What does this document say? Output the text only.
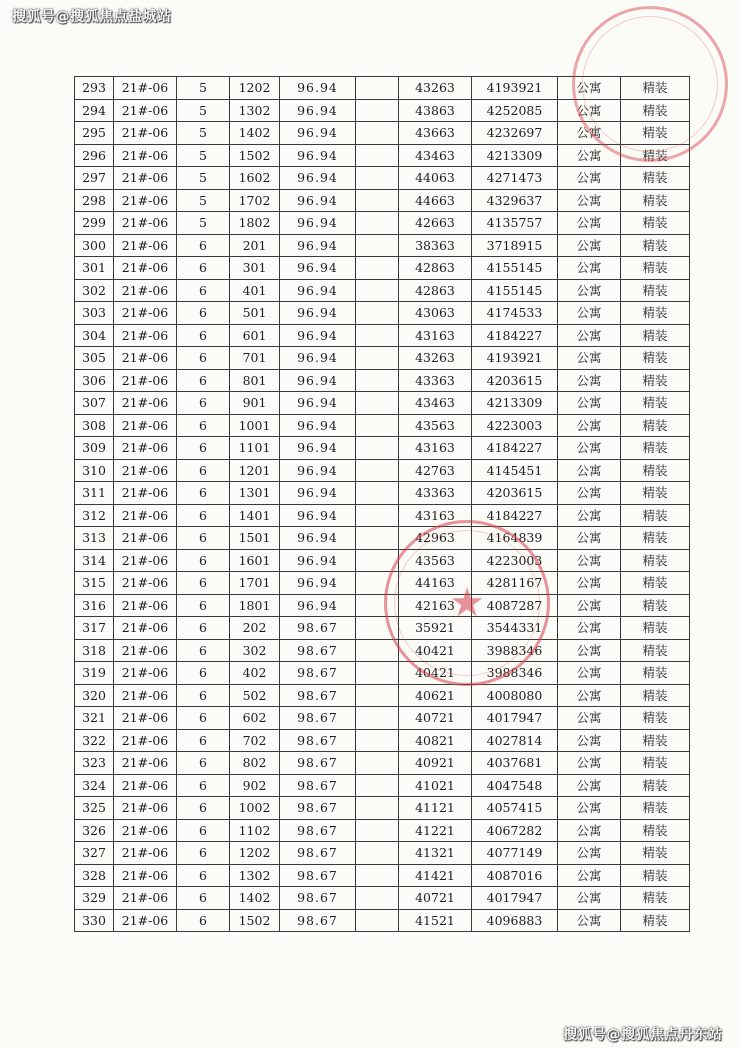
搜狐号@搜狐焦点盐城站
293	21#-06	5	1202	96.94		43263	4193921	公寓	精装
294	21#-06	5	1302	96.94		43863	4252085	公寓	精装
295	21#-06	5	1402	96.94		43663	4232697	公寓	精装
296	21#-06	5	1502	96.94		43463	4213309	公寓	精装
297	21#-06	5	1602	96.94		44063	4271473	公寓	精装
298	21#-06	5	1702	96.94		44663	4329637	公寓	精装
299	21#-06	5	1802	96.94		42663	4135757	公寓	精装
300	21#-06	6	201	96.94		38363	3718915	公寓	精装
301	21#-06	6	301	96.94		42863	4155145	公寓	精装
302	21#-06	6	401	96.94		42863	4155145	公寓	精装
303	21#-06	6	501	96.94		43063	4174533	公寓	精装
304	21#-06	6	601	96.94		43163	4184227	公寓	精装
305	21#-06	6	701	96.94		43263	4193921	公寓	精装
306	21#-06	6	801	96.94		43363	4203615	公寓	精装
307	21#-06	6	901	96.94		43463	4213309	公寓	精装
308	21#-06	6	1001	96.94		43563	4223003	公寓	精装
309	21#-06	6	1101	96.94		43163	4184227	公寓	精装
310	21#-06	6	1201	96.94		42763	4145451	公寓	精装
311	21#-06	6	1301	96.94		43363	4203615	公寓	精装
312	21#-06	6	1401	96.94		43163	4184227	公寓	精装
313	21#-06	6	1501	96.94		42963	4164839	公寓	精装
314	21#-06	6	1601	96.94		43563	4223003	公寓	精装
315	21#-06	6	1701	96.94		44163	4281167	公寓	精装
316	21#-06	6	1801	96.94		42163	4087287	公寓	精装
317	21#-06	6	202	98.67		35921	3544331	公寓	精装
318	21#-06	6	302	98.67		40421	3988346	公寓	精装
319	21#-06	6	402	98.67		40421	3988346	公寓	精装
320	21#-06	6	502	98.67		40621	4008080	公寓	精装
321	21#-06	6	602	98.67		40721	4017947	公寓	精装
322	21#-06	6	702	98.67		40821	4027814	公寓	精装
323	21#-06	6	802	98.67		40921	4037681	公寓	精装
324	21#-06	6	902	98.67		41021	4047548	公寓	精装
325	21#-06	6	1002	98.67		41121	4057415	公寓	精装
326	21#-06	6	1102	98.67		41221	4067282	公寓	精装
327	21#-06	6	1202	98.67		41321	4077149	公寓	精装
328	21#-06	6	1302	98.67		41421	4087016	公寓	精装
329	21#-06	6	1402	98.67		40721	4017947	公寓	精装
330	21#-06	6	1502	98.67		41521	4096883	公寓	精装
★
搜狐号@搜狐焦点丹东站
